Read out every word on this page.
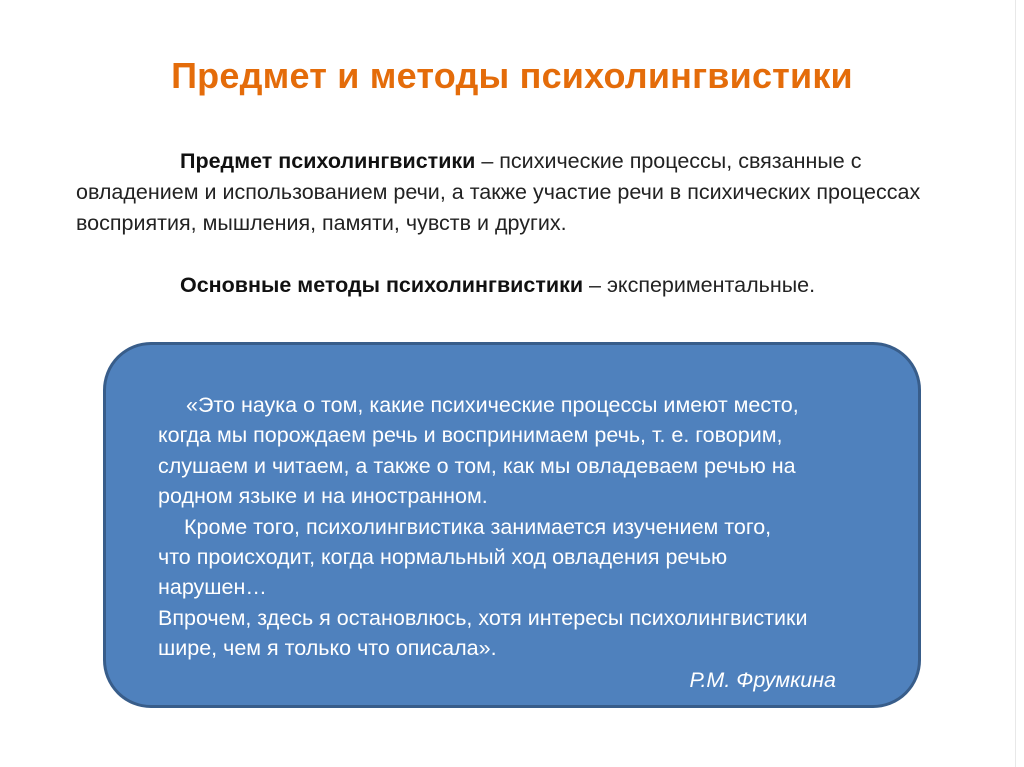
Предмет и методы психолингвистики
Предмет психолингвистики – психические процессы, связанные с овладением и использованием речи, а также участие речи в психических процессах восприятия, мышления, памяти, чувств и других.
Основные методы психолингвистики – экспериментальные.
«Это наука о том, какие психические процессы имеют место,
когда мы порождаем речь и воспринимаем речь, т. е. говорим,
слушаем и читаем, а также о том, как мы овладеваем речью на
родном языке и на иностранном.
Кроме того, психолингвистика занимается изучением того,
что происходит, когда нормальный ход овладения речью
нарушен…
Впрочем, здесь я остановлюсь, хотя интересы психолингвистики
шире, чем я только что описала».
Р.М. Фрумкина
